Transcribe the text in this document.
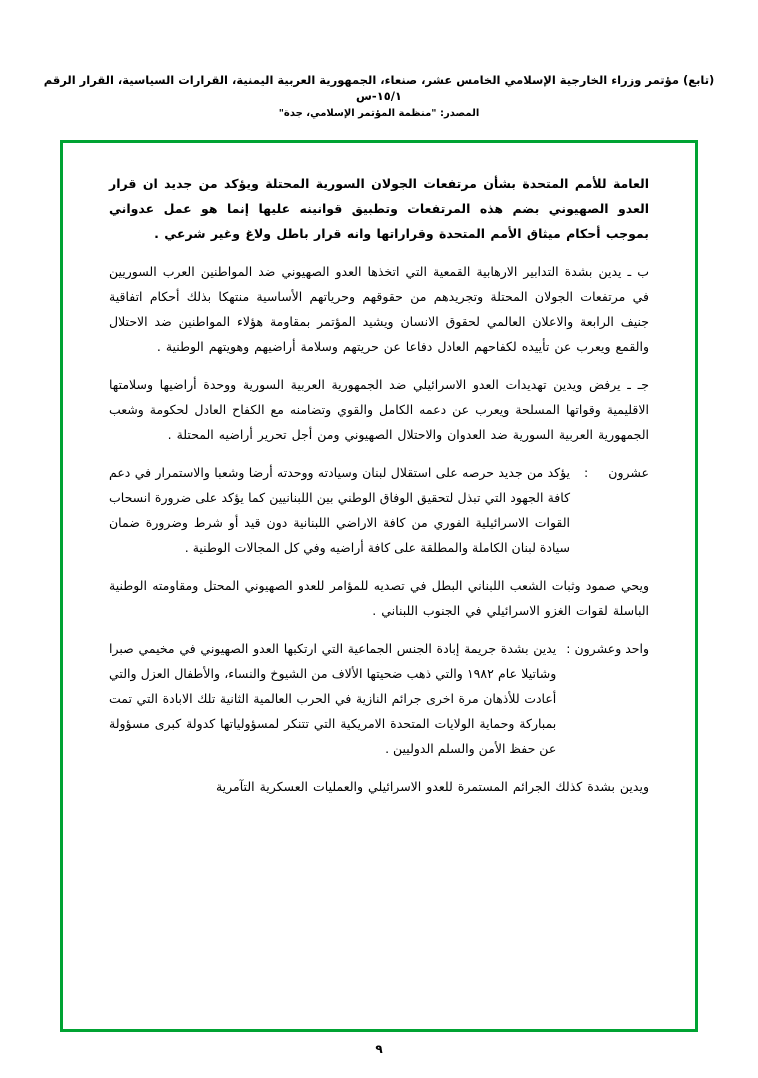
(تابع) مؤتمر وزراء الخارجية الإسلامي الخامس عشر، صنعاء، الجمهورية العربية اليمنية، القرارات السياسية، القرار الرقم ١٥/١-س
المصدر: "منظمة المؤتمر الإسلامي، جدة"
العامة للأمم المتحدة بشأن مرتفعات الجولان السورية المحتلة ويؤكد من جديد ان قرار العدو الصهيوني بضم هذه المرتفعات وتطبيق قوانينه عليها إنما هو عمل عدواني بموجب أحكام ميثاق الأمم المتحدة وقراراتها وانه قرار باطل ولاغ وغير شرعي .
ب ـ يدين بشدة التدابير الارهابية القمعية التي اتخذها العدو الصهيوني ضد المواطنين العرب السوريين في مرتفعات الجولان المحتلة وتجريدهم من حقوقهم وحرياتهم الأساسية منتهكا بذلك أحكام اتفاقية جنيف الرابعة والاعلان العالمي لحقوق الانسان ويشيد المؤتمر بمقاومة هؤلاء المواطنين ضد الاحتلال والقمع ويعرب عن تأييده لكفاحهم العادل دفاعا عن حريتهم وسلامة أراضيهم وهويتهم الوطنية .
جـ ـ يرفض ويدين تهديدات العدو الاسرائيلي ضد الجمهورية العربية السورية ووحدة أراضيها وسلامتها الاقليمية وقواتها المسلحة ويعرب عن دعمه الكامل والقوي وتضامنه مع الكفاح العادل لحكومة وشعب الجمهورية العربية السورية ضد العدوان والاحتلال الصهيوني ومن أجل تحرير أراضيه المحتلة .
عشرون
:
يؤكد من جديد حرصه على استقلال لبنان وسيادته ووحدته أرضا وشعبا والاستمرار في دعم كافة الجهود التي تبذل لتحقيق الوفاق الوطني بين اللبنانيين كما يؤكد على ضرورة انسحاب القوات الاسرائيلية الفوري من كافة الاراضي اللبنانية دون قيد أو شرط وضرورة ضمان سيادة لبنان الكاملة والمطلقة على كافة أراضيه وفي كل المجالات الوطنية .
ويحي صمود وثبات الشعب اللبناني البطل في تصديه للمؤامر للعدو الصهيوني المحتل ومقاومته الوطنية الباسلة لقوات الغزو الاسرائيلي في الجنوب اللبناني .
واحد وعشرون :
يدين بشدة جريمة إبادة الجنس الجماعية التي ارتكبها العدو الصهيوني في مخيمي صبرا وشاتيلا عام ١٩٨٢ والتي ذهب ضحيتها الألاف من الشيوخ والنساء، والأطفال العزل والتي أعادت للأذهان مرة اخرى جرائم النازية في الحرب العالمية الثانية تلك الابادة التي تمت بمباركة وحماية الولايات المتحدة الامريكية التي تتنكر لمسؤولياتها كدولة كبرى مسؤولة عن حفظ الأمن والسلم الدوليين .
ويدين بشدة كذلك الجرائم المستمرة للعدو الاسرائيلي والعمليات العسكرية التآمرية
٩
